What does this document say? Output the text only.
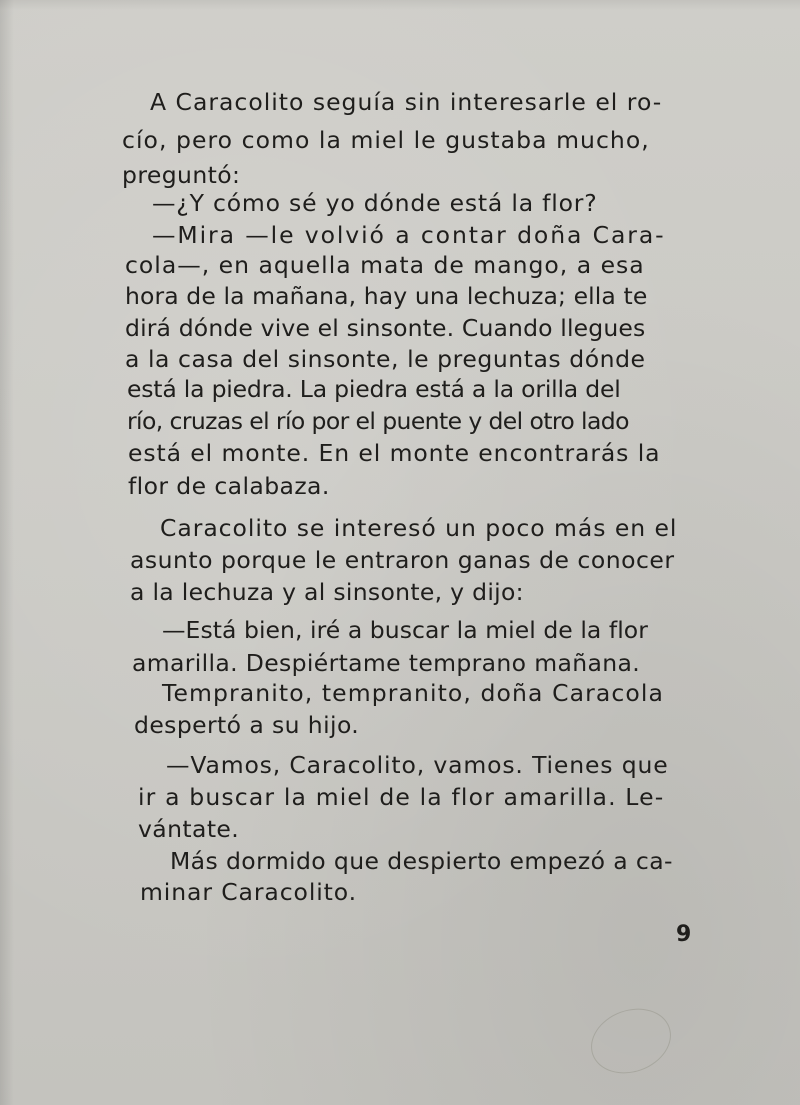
A Caracolito seguía sin interesarle el ro-
cío, pero como la miel le gustaba mucho,
preguntó:
—¿Y cómo sé yo dónde está la flor?
—Mira —le volvió a contar doña Cara-
cola—, en aquella mata de mango, a esa
hora de la mañana, hay una lechuza; ella te
dirá dónde vive el sinsonte. Cuando llegues
a la casa del sinsonte, le preguntas dónde
está la piedra. La piedra está a la orilla del
río, cruzas el río por el puente y del otro lado
está el monte. En el monte encontrarás la
flor de calabaza.
Caracolito se interesó un poco más en el
asunto porque le entraron ganas de conocer
a la lechuza y al sinsonte, y dijo:
—Está bien, iré a buscar la miel de la flor
amarilla. Despiértame temprano mañana.
Tempranito, tempranito, doña Caracola
despertó a su hijo.
—Vamos, Caracolito, vamos. Tienes que
ir a buscar la miel de la flor amarilla. Le-
vántate.
Más dormido que despierto empezó a ca-
minar Caracolito.
9
